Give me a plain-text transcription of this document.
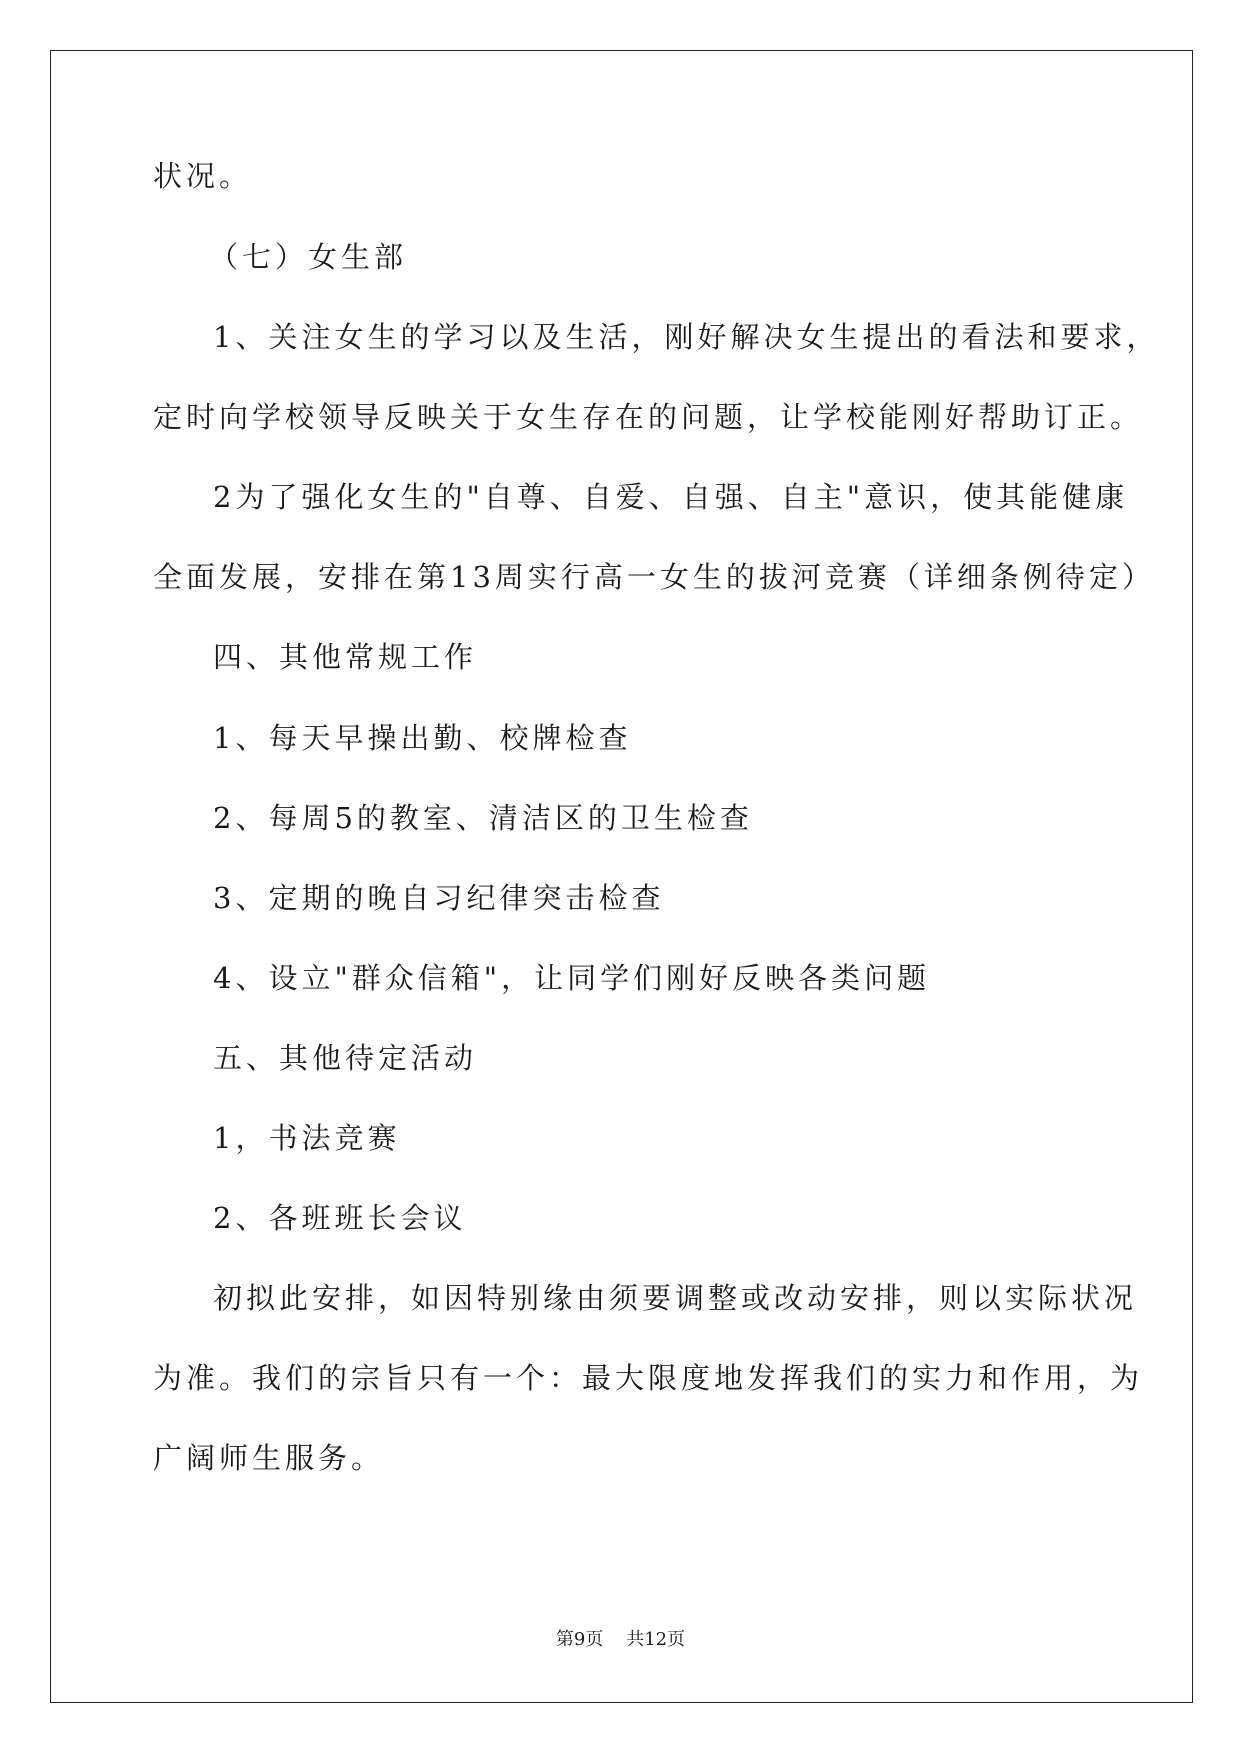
状况。
（七）女生部
1、关注女生的学习以及生活，刚好解决女生提出的看法和要求，
定时向学校领导反映关于女生存在的问题，让学校能刚好帮助订正。
2为了强化女生的"自尊、自爱、自强、自主"意识，使其能健康
全面发展，安排在第13周实行高一女生的拔河竞赛（详细条例待定）
四、其他常规工作
1、每天早操出勤、校牌检查
2、每周5的教室、清洁区的卫生检查
3、定期的晚自习纪律突击检查
4、设立"群众信箱"，让同学们刚好反映各类问题
五、其他待定活动
1，书法竞赛
2、各班班长会议
初拟此安排，如因特别缘由须要调整或改动安排，则以实际状况
为准。我们的宗旨只有一个：最大限度地发挥我们的实力和作用，为
广阔师生服务。
第9页    共12页
